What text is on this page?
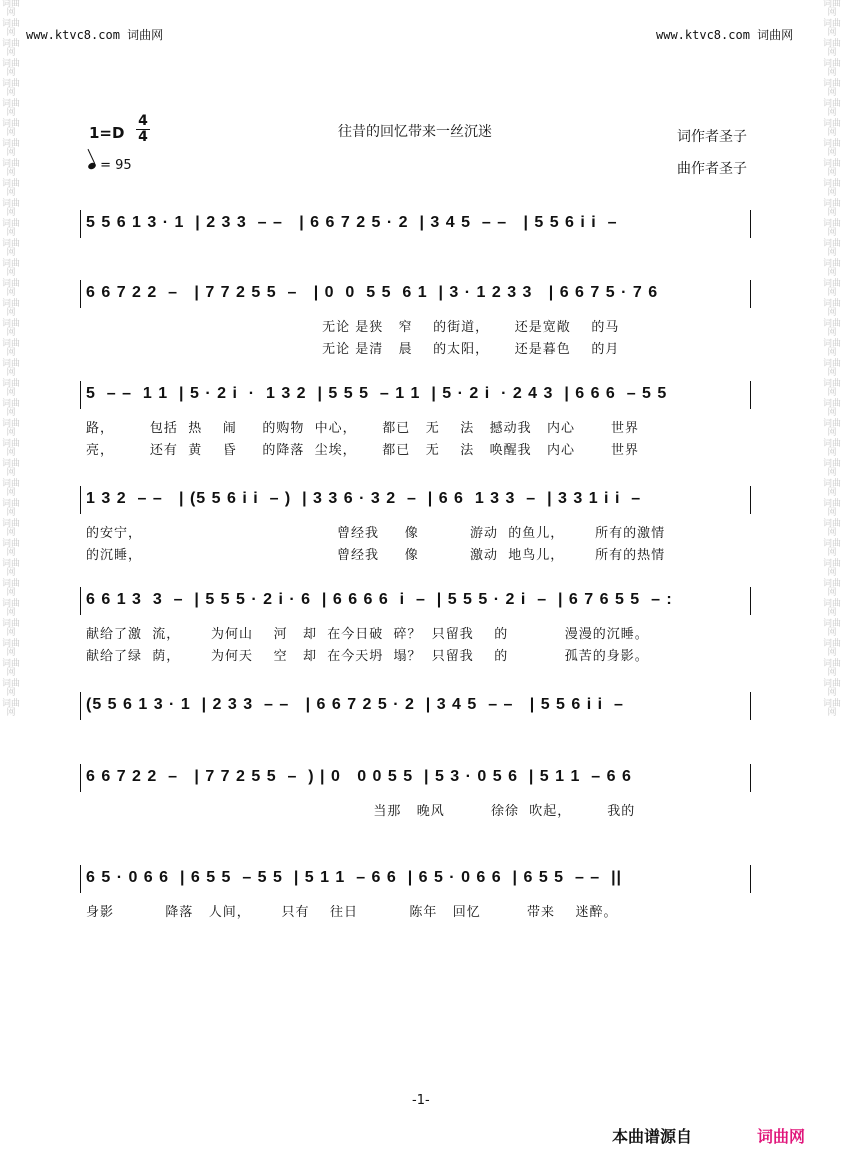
词曲网
词曲网
词曲网
词曲网
词曲网
词曲网
词曲网
词曲网
词曲网
词曲网
词曲网
词曲网
词曲网
词曲网
词曲网
词曲网
词曲网
词曲网
词曲网
词曲网
词曲网
词曲网
词曲网
词曲网
词曲网
词曲网
词曲网
词曲网
词曲网
词曲网
词曲网
词曲网
词曲网
词曲网
词曲网
词曲网
词曲网
词曲网
词曲网
词曲网
词曲网
词曲网
词曲网
词曲网
词曲网
词曲网
词曲网
词曲网
词曲网
词曲网
词曲网
词曲网
词曲网
词曲网
词曲网
词曲网
词曲网
词曲网
词曲网
词曲网
词曲网
词曲网
词曲网
词曲网
词曲网
词曲网
词曲网
词曲网
词曲网
词曲网
词曲网
词曲网
www.ktvc8.com 词曲网	www.ktvc8.com 词曲网
往昔的回忆带来一丝沉迷	词作者圣子
曲作者圣子
1=D
4
4
= 95
5 5 6 1 3 · 1  | 2 3 3  – –   | 6 6 7 2 5 · 2  | 3 4 5  – –   | 5 5 6 i i  –
6 6 7 2 2  –   | 7 7 2 5 5  –   | 0  0  5 5  6 1  | 3 · 1 2 3 3   | 6 6 7 5 · 7 6
无论 是狭   窄    的街道，     还是宽敞    的马
无论 是清   晨    的太阳，     还是暮色    的月
5  – –  1 1  | 5 · 2 i  ·  1 3 2  | 5 5 5  – 1 1  | 5 · 2 i  · 2 4 3  | 6 6 6  – 5 5
路，       包括  热    闹     的购物  中心，     都已   无    法   撼动我   内心       世界
亮，       还有  黄    昏     的降落  尘埃，     都已   无    法   唤醒我   内心       世界
1 3 2  – –   | (5 5 6 i i  – )  | 3 3 6 · 3 2  –  | 6 6  1 3 3  –  | 3 3 1 i i  –
的安宁，                                      曾经我     像          游动  的鱼儿，      所有的激情
的沉睡，                                      曾经我     像          激动  地鸟儿，      所有的热情
6 6 1 3  3  –  | 5 5 5 · 2 i · 6  | 6 6 6 6  i  –  | 5 5 5 · 2 i  –  | 6 7 6 5 5  – :
献给了激  流，      为何山    河   却  在今日破  碎？  只留我    的           漫漫的沉睡。
献给了绿  荫，      为何天    空   却  在今天坍  塌？  只留我    的           孤苦的身影。
(5 5 6 1 3 · 1  | 2 3 3  – –   | 6 6 7 2 5 · 2  | 3 4 5  – –   | 5 5 6 i i  –
6 6 7 2 2  –   | 7 7 2 5 5  –  ) | 0   0 0 5 5  | 5 3 · 0 5 6  | 5 1 1  – 6 6
当那   晚风         徐徐  吹起，       我的
6 5 · 0 6 6  | 6 5 5  – 5 5  | 5 1 1  – 6 6  | 6 5 · 0 6 6  | 6 5 5  – –  ||
身影          降落   人间，      只有    往日          陈年   回忆         带来    迷醉。
-1-
本曲谱源自	词曲网
